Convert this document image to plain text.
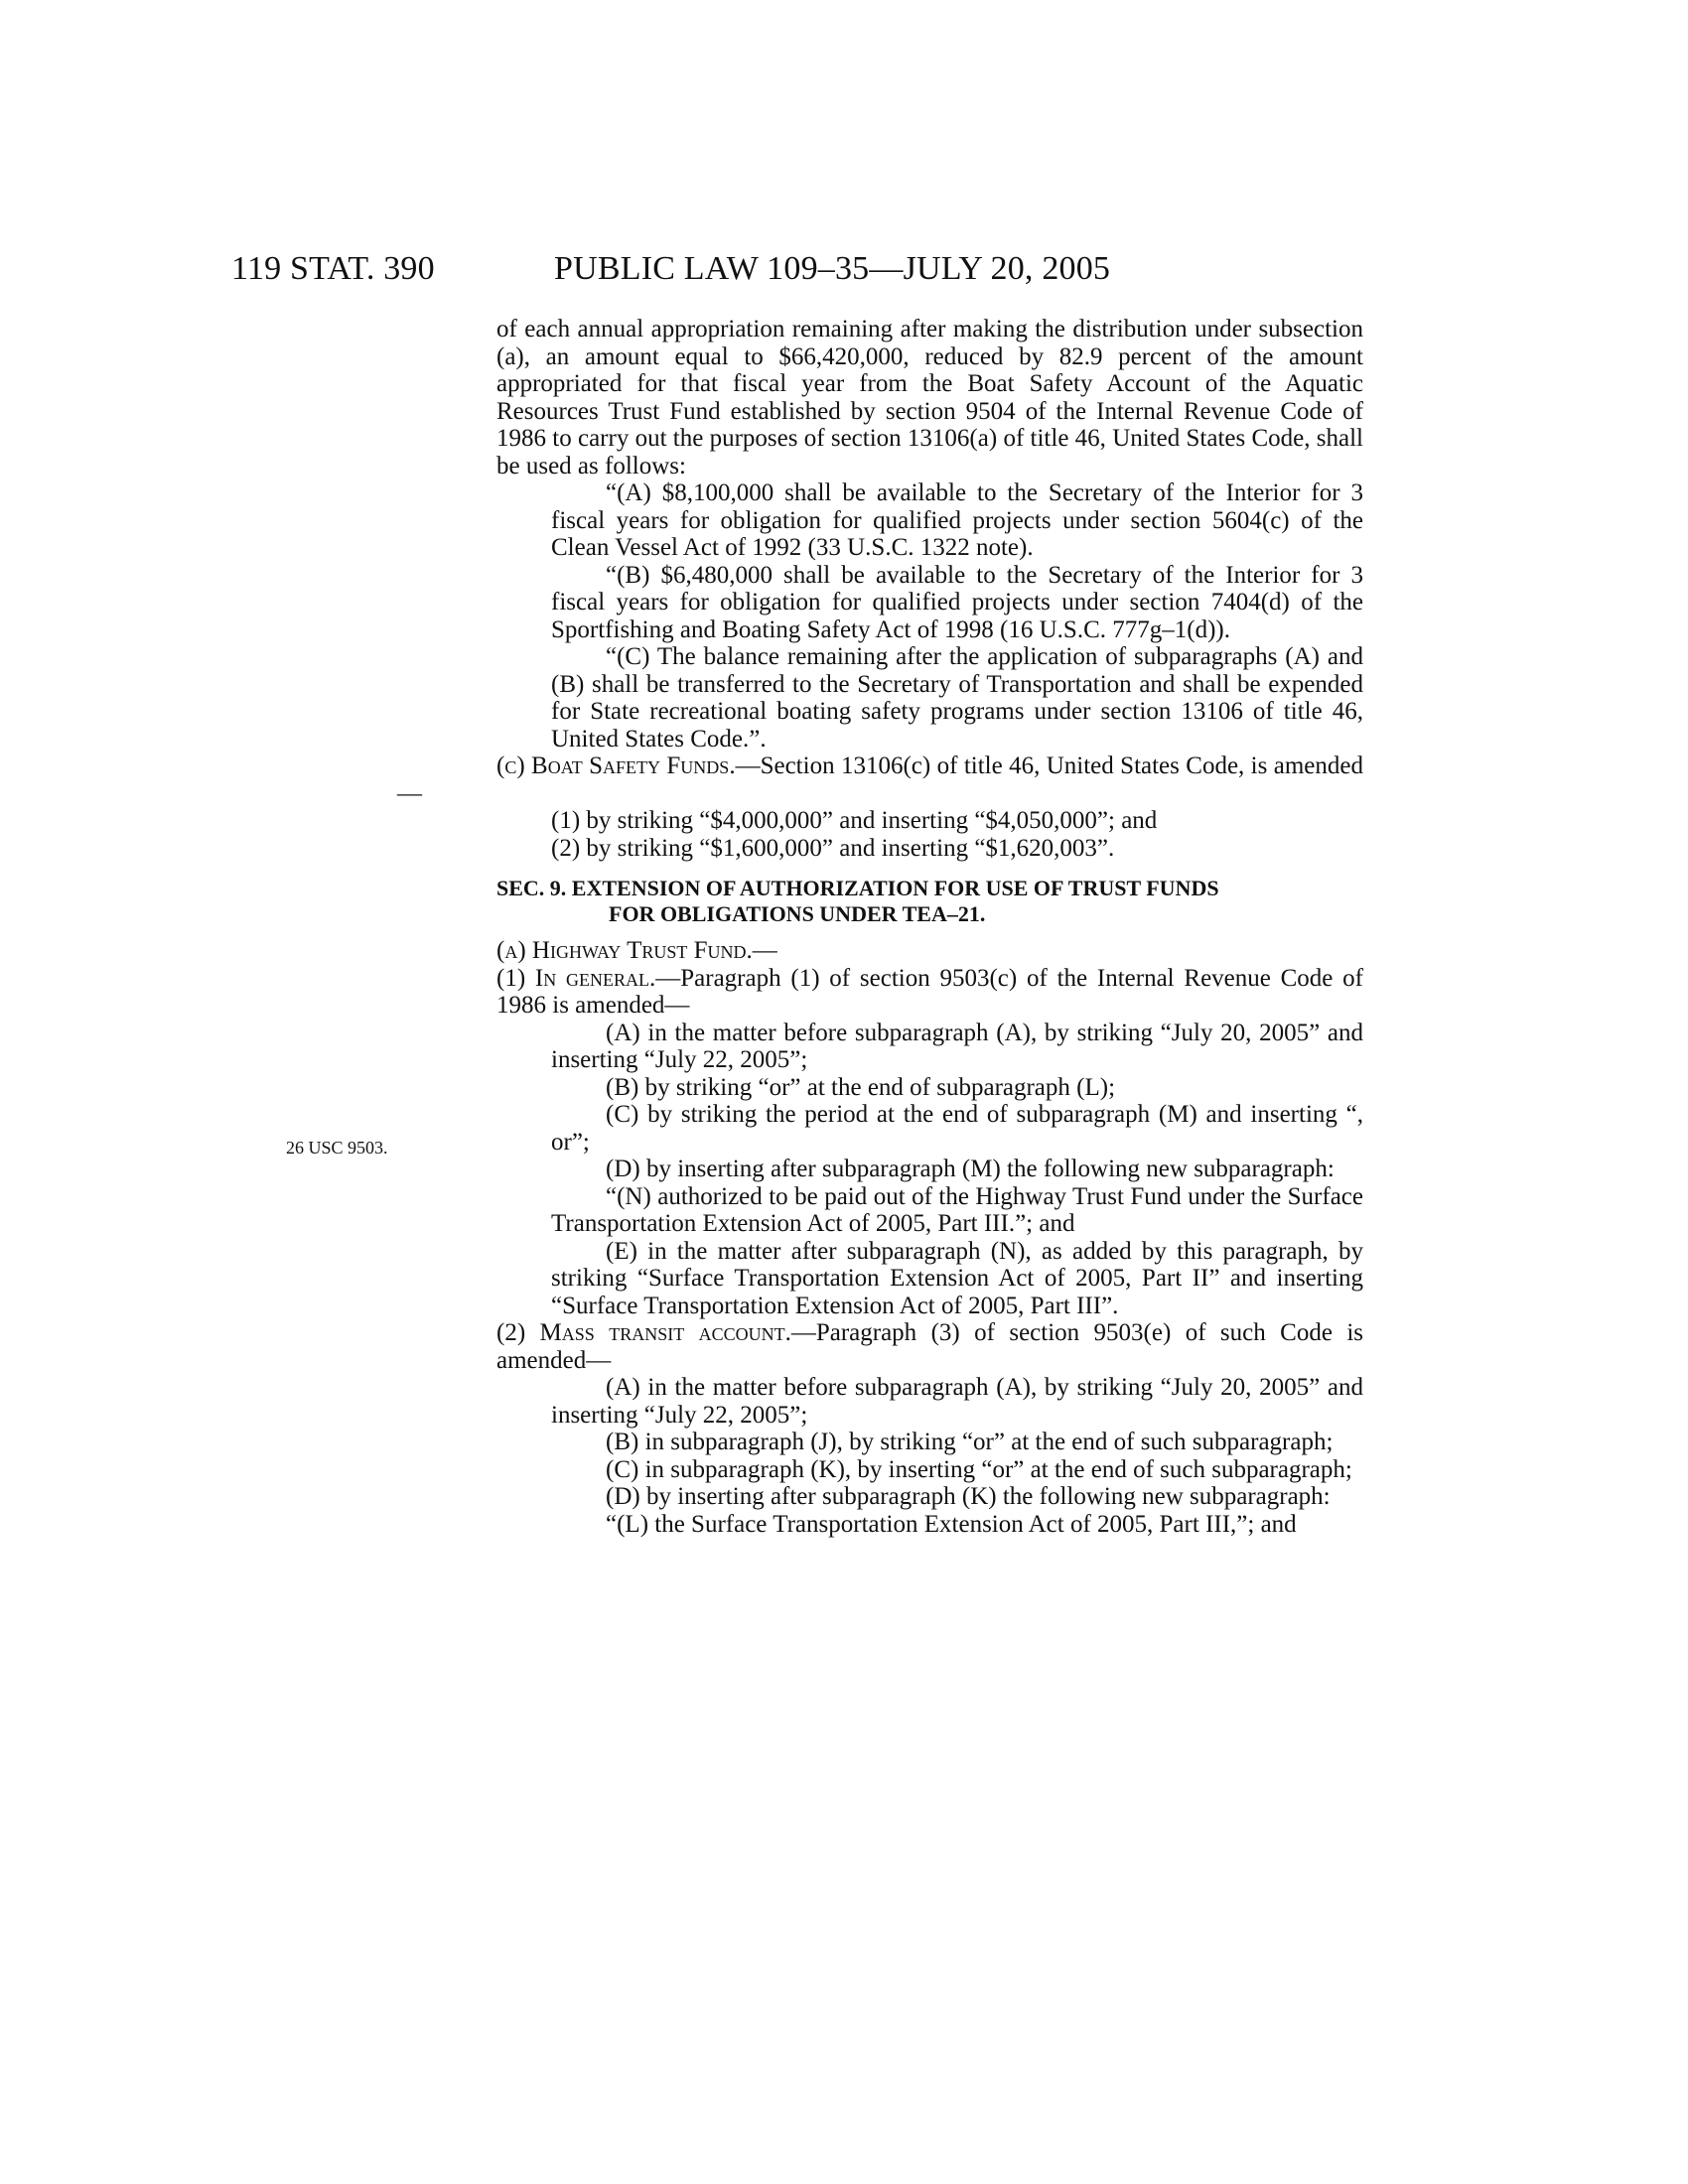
119 STAT. 390	PUBLIC LAW 109–35—JULY 20, 2005
26 USC 9503.

of each annual appropriation remaining after making the distribution under subsection (a), an amount equal to $66,420,000, reduced by 82.9 percent of the amount appropriated for that fiscal year from the Boat Safety Account of the Aquatic Resources Trust Fund established by section 9504 of the Internal Revenue Code of 1986 to carry out the purposes of section 13106(a) of title 46, United States Code, shall be used as follows:

“(A) $8,100,000 shall be available to the Secretary of the Interior for 3 fiscal years for obligation for qualified projects under section 5604(c) of the Clean Vessel Act of 1992 (33 U.S.C. 1322 note).

“(B) $6,480,000 shall be available to the Secretary of the Interior for 3 fiscal years for obligation for qualified projects under section 7404(d) of the Sportfishing and Boating Safety Act of 1998 (16 U.S.C. 777g–1(d)).

“(C) The balance remaining after the application of subparagraphs (A) and (B) shall be transferred to the Secretary of Transportation and shall be expended for State recreational boating safety programs under section 13106 of title 46, United States Code.”.

(c) Boat Safety Funds.—Section 13106(c) of title 46, United States Code, is amended—

(1) by striking “$4,000,000” and inserting “$4,050,000”; and

(2) by striking “$1,600,000” and inserting “$1,620,003”.

SEC. 9. EXTENSION OF AUTHORIZATION FOR USE OF TRUST FUNDS
FOR OBLIGATIONS UNDER TEA–21.

(a) Highway Trust Fund.—

(1) In general.—Paragraph (1) of section 9503(c) of the Internal Revenue Code of 1986 is amended—

(A) in the matter before subparagraph (A), by striking “July 20, 2005” and inserting “July 22, 2005”;

(B) by striking “or” at the end of subparagraph (L);

(C) by striking the period at the end of subparagraph (M) and inserting “, or”;

(D) by inserting after subparagraph (M) the following new subparagraph:

“(N) authorized to be paid out of the Highway Trust Fund under the Surface Transportation Extension Act of 2005, Part III.”; and

(E) in the matter after subparagraph (N), as added by this paragraph, by striking “Surface Transportation Extension Act of 2005, Part II” and inserting “Surface Transportation Extension Act of 2005, Part III”.

(2) Mass transit account.—Paragraph (3) of section 9503(e) of such Code is amended—

(A) in the matter before subparagraph (A), by striking “July 20, 2005” and inserting “July 22, 2005”;

(B) in subparagraph (J), by striking “or” at the end of such subparagraph;

(C) in subparagraph (K), by inserting “or” at the end of such subparagraph;

(D) by inserting after subparagraph (K) the following new subparagraph:

“(L) the Surface Transportation Extension Act of 2005, Part III,”; and
